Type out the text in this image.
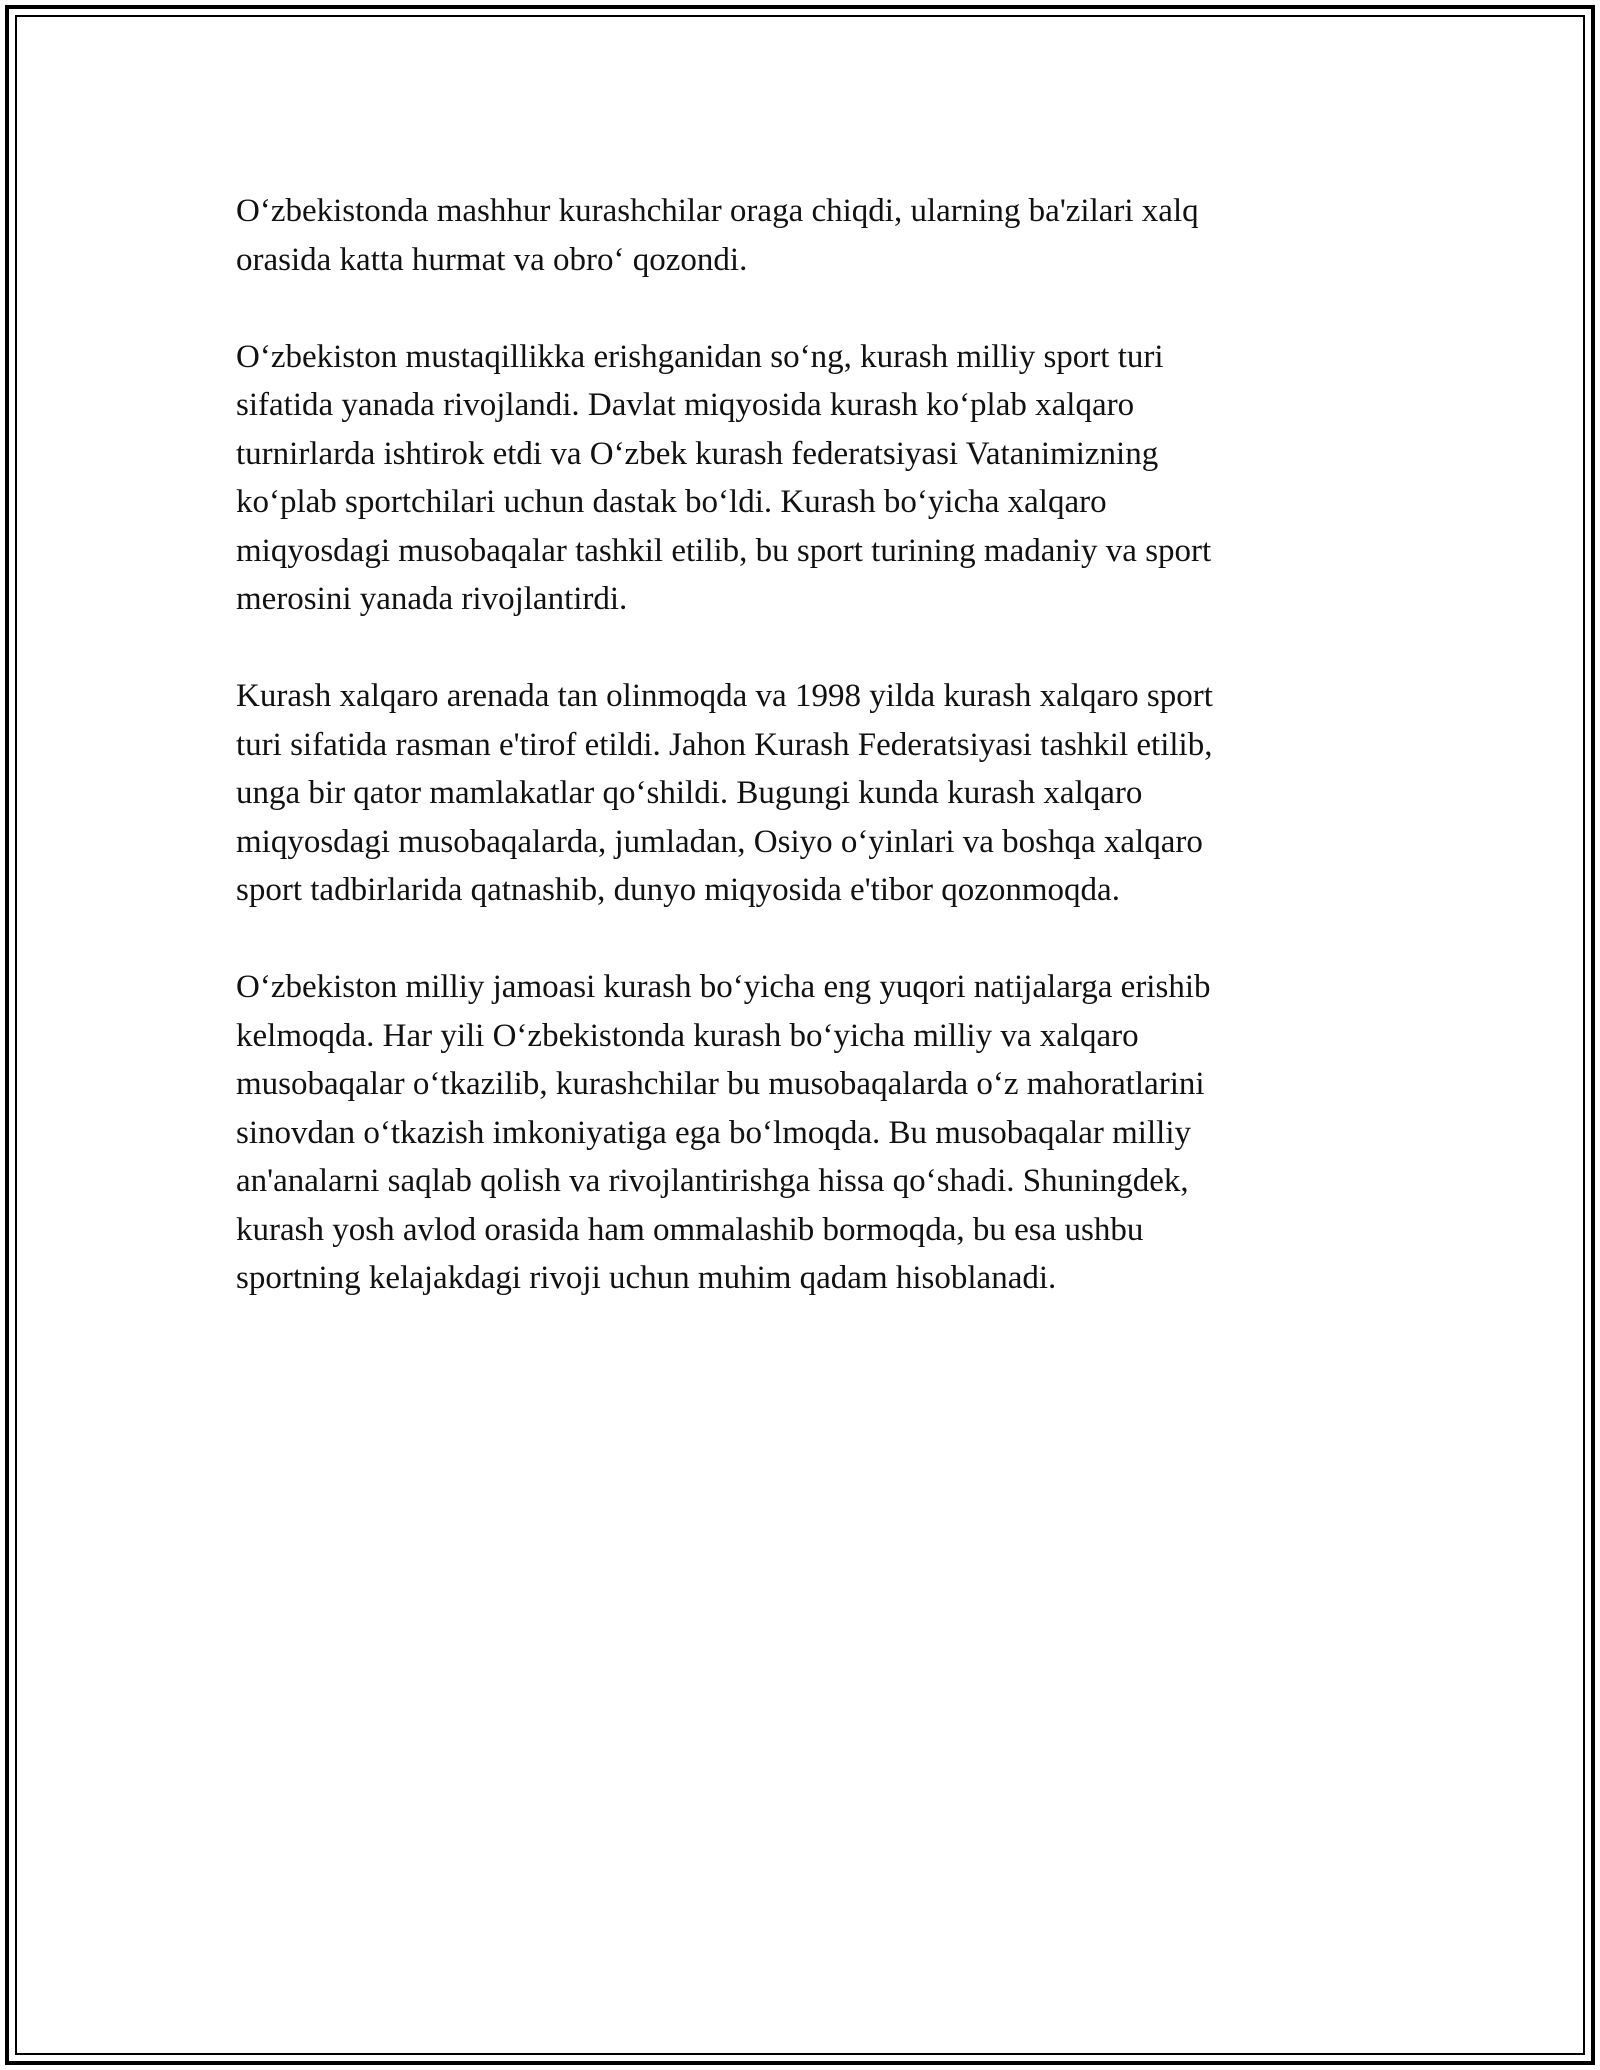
O‘zbekistonda mashhur kurashchilar oraga chiqdi, ularning ba'zilari xalq
orasida katta hurmat va obro‘ qozondi.

O‘zbekiston mustaqillikka erishganidan so‘ng, kurash milliy sport turi
sifatida yanada rivojlandi. Davlat miqyosida kurash ko‘plab xalqaro
turnirlarda ishtirok etdi va O‘zbek kurash federatsiyasi Vatanimizning
ko‘plab sportchilari uchun dastak bo‘ldi. Kurash bo‘yicha xalqaro
miqyosdagi musobaqalar tashkil etilib, bu sport turining madaniy va sport
merosini yanada rivojlantirdi.

Kurash xalqaro arenada tan olinmoqda va 1998 yilda kurash xalqaro sport
turi sifatida rasman e'tirof etildi. Jahon Kurash Federatsiyasi tashkil etilib,
unga bir qator mamlakatlar qo‘shildi. Bugungi kunda kurash xalqaro
miqyosdagi musobaqalarda, jumladan, Osiyo o‘yinlari va boshqa xalqaro
sport tadbirlarida qatnashib, dunyo miqyosida e'tibor qozonmoqda.

O‘zbekiston milliy jamoasi kurash bo‘yicha eng yuqori natijalarga erishib
kelmoqda. Har yili O‘zbekistonda kurash bo‘yicha milliy va xalqaro
musobaqalar o‘tkazilib, kurashchilar bu musobaqalarda o‘z mahoratlarini
sinovdan o‘tkazish imkoniyatiga ega bo‘lmoqda. Bu musobaqalar milliy
an'analarni saqlab qolish va rivojlantirishga hissa qo‘shadi. Shuningdek,
kurash yosh avlod orasida ham ommalashib bormoqda, bu esa ushbu
sportning kelajakdagi rivoji uchun muhim qadam hisoblanadi.
